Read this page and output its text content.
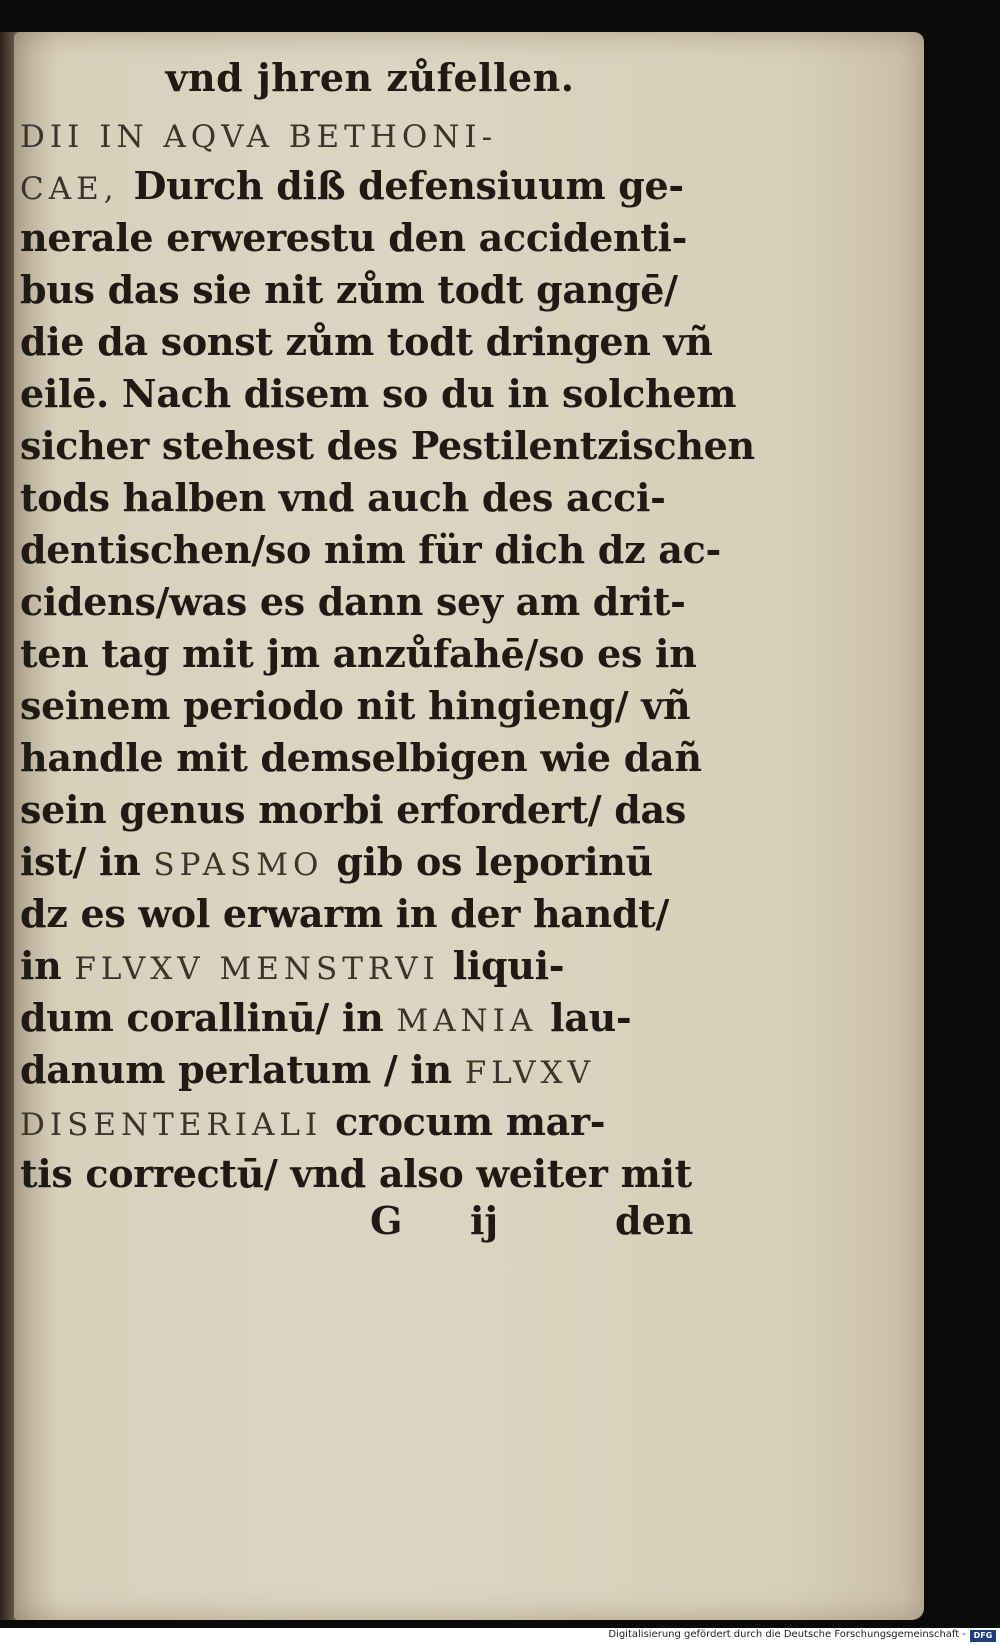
vnd jhren zůfellen.
DII IN AQVA BETHONI-
CAE, Durch diß defensiuum ge-
nerale erwerestu den accidenti-
bus das sie nit zům todt gangē/
die da sonst zům todt dringen vñ
eilē. Nach disem so du in solchem
sicher stehest des Pestilentzischen
tods halben vnd auch des acci-
dentischen/so nim für dich dz ac-
cidens/was es dann sey am drit-
ten tag mit jm anzůfahē/so es in
seinem periodo nit hingieng/ vñ
handle mit demselbigen wie dañ
sein genus morbi erfordert/ das
ist/ in SPASMO gib os leporinū
dz es wol erwarm in der handt/
in FLVXV MENSTRVI liqui-
dum corallinū/ in MANIA lau-
danum perlatum / in FLVXV
DISENTERIALI crocum mar-
tis correctū/ vnd also weiter mit
G ij	den
Digitalisierung gefördert durch die Deutsche Forschungsgemeinschaft - DFG
